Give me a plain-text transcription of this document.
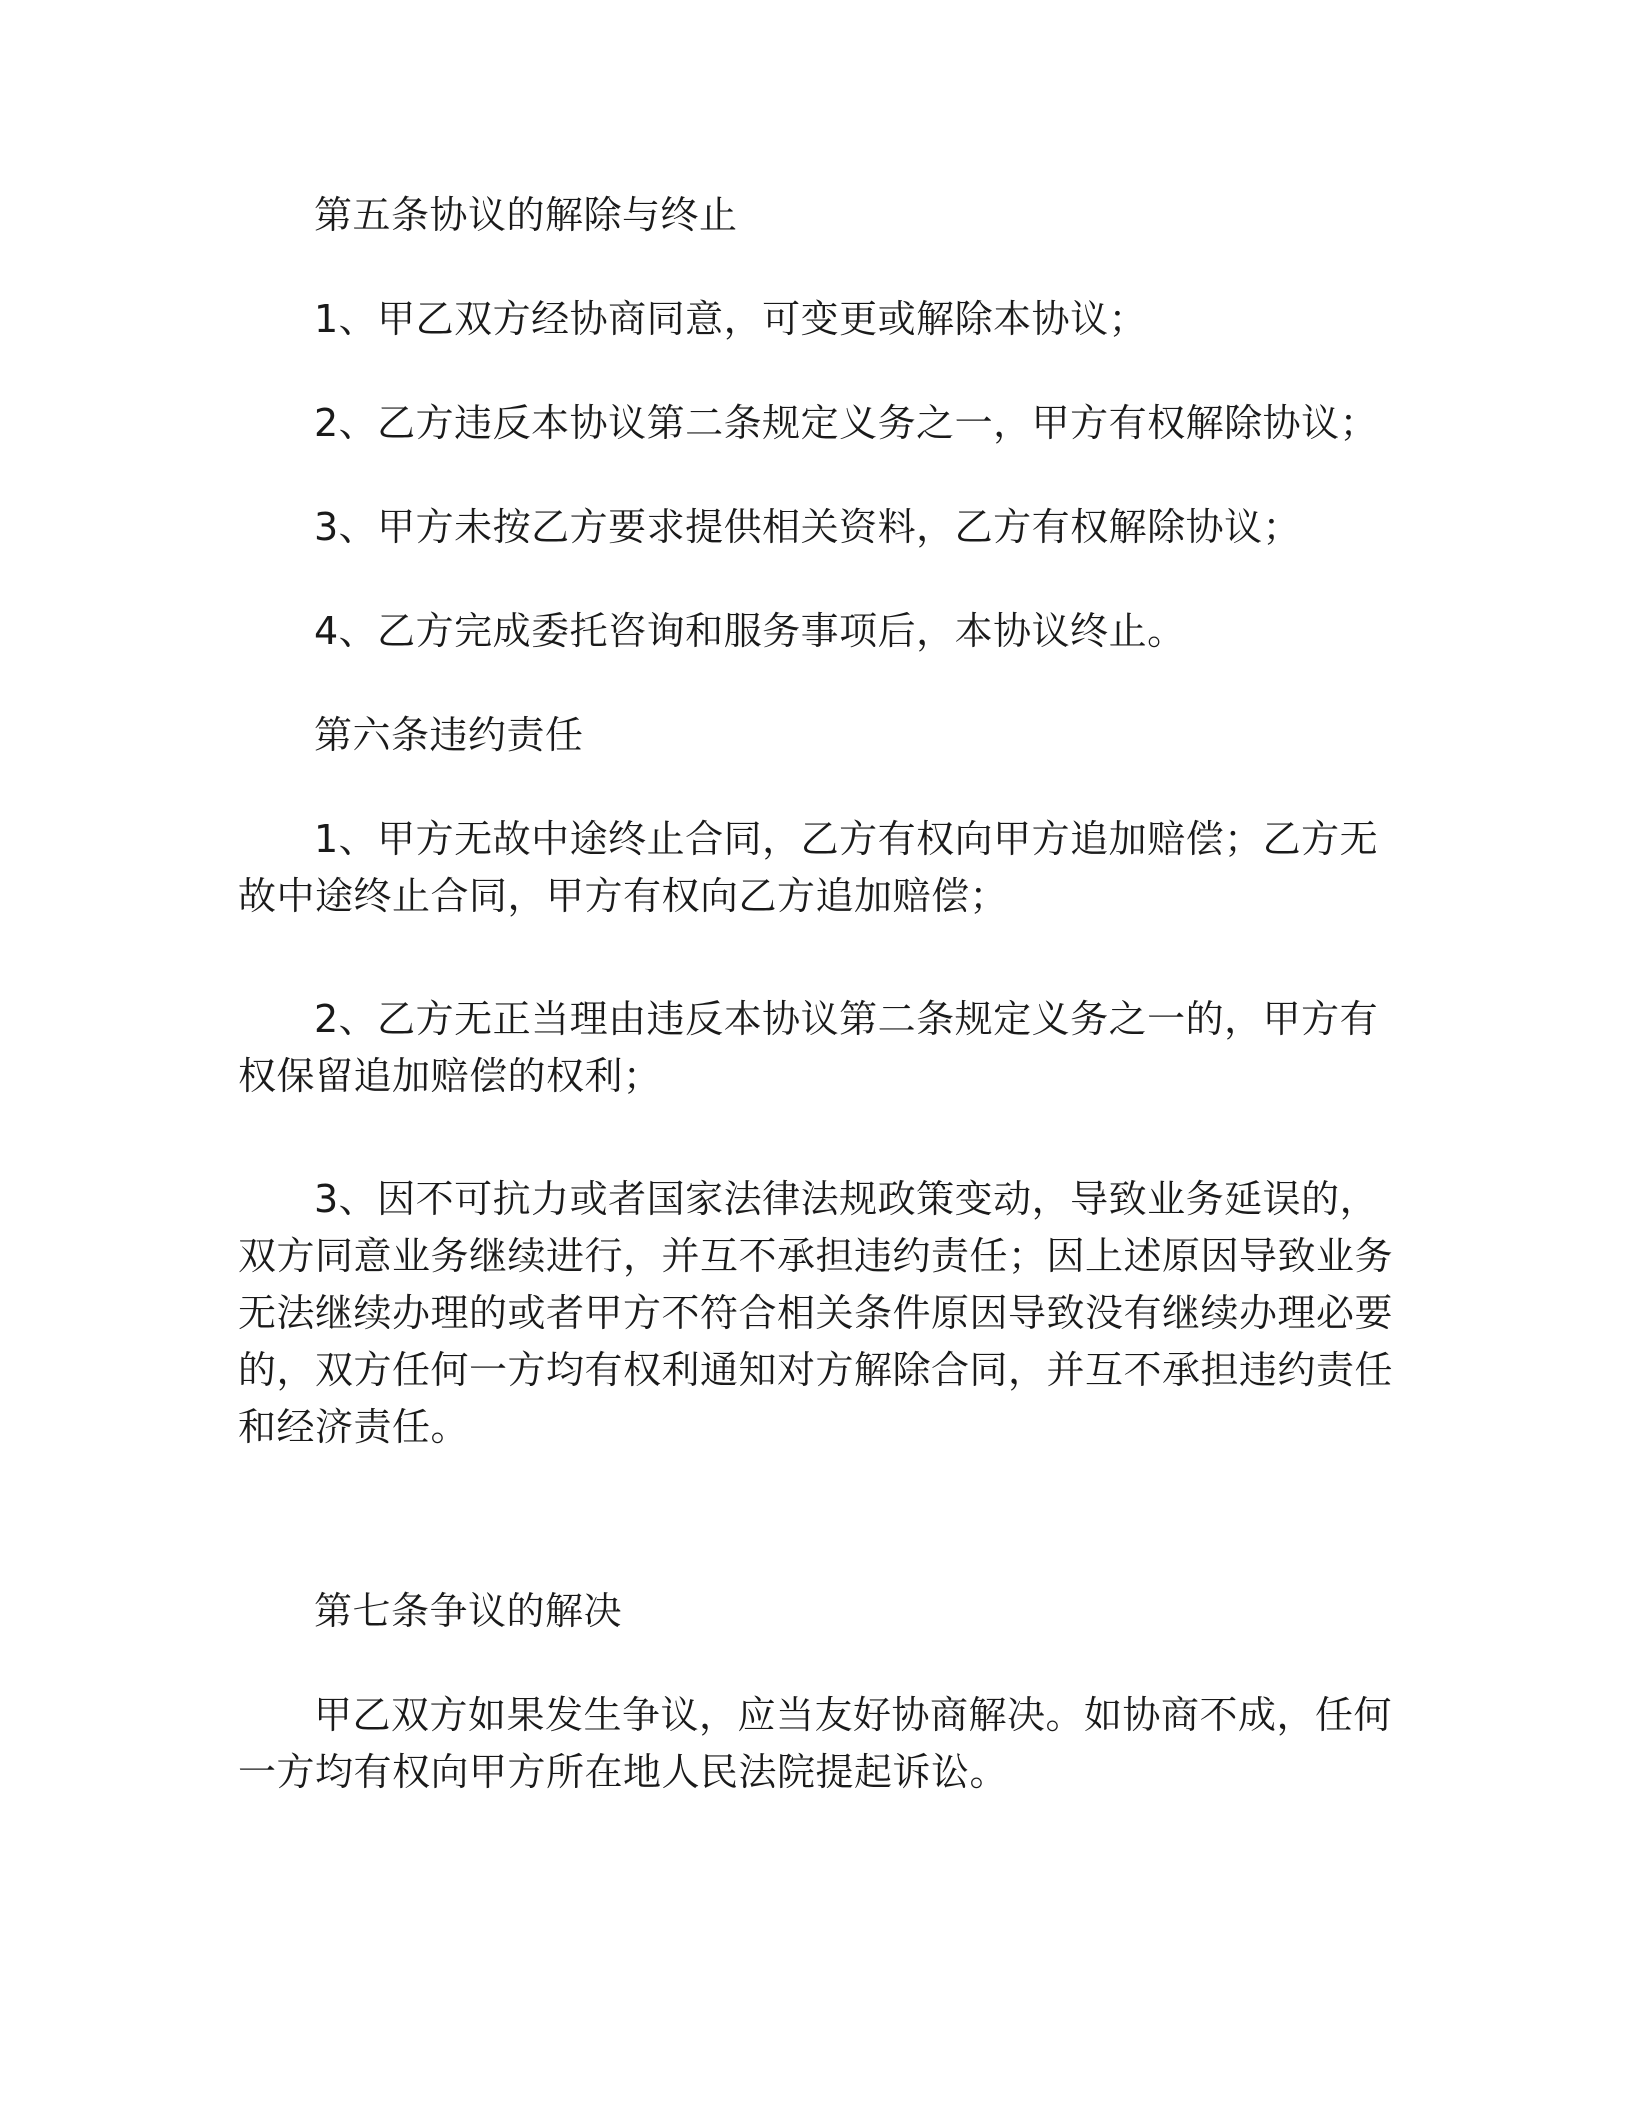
第五条协议的解除与终止

1、甲乙双方经协商同意，可变更或解除本协议；

2、乙方违反本协议第二条规定义务之一，甲方有权解除协议；

3、甲方未按乙方要求提供相关资料，乙方有权解除协议；

4、乙方完成委托咨询和服务事项后，本协议终止。

第六条违约责任

1、甲方无故中途终止合同，乙方有权向甲方追加赔偿；乙方无故中途终止合同，甲方有权向乙方追加赔偿；

2、乙方无正当理由违反本协议第二条规定义务之一的，甲方有权保留追加赔偿的权利；

3、因不可抗力或者国家法律法规政策变动，导致业务延误的，双方同意业务继续进行，并互不承担违约责任；因上述原因导致业务无法继续办理的或者甲方不符合相关条件原因导致没有继续办理必要的，双方任何一方均有权利通知对方解除合同，并互不承担违约责任和经济责任。

第七条争议的解决

甲乙双方如果发生争议，应当友好协商解决。如协商不成，任何一方均有权向甲方所在地人民法院提起诉讼。
